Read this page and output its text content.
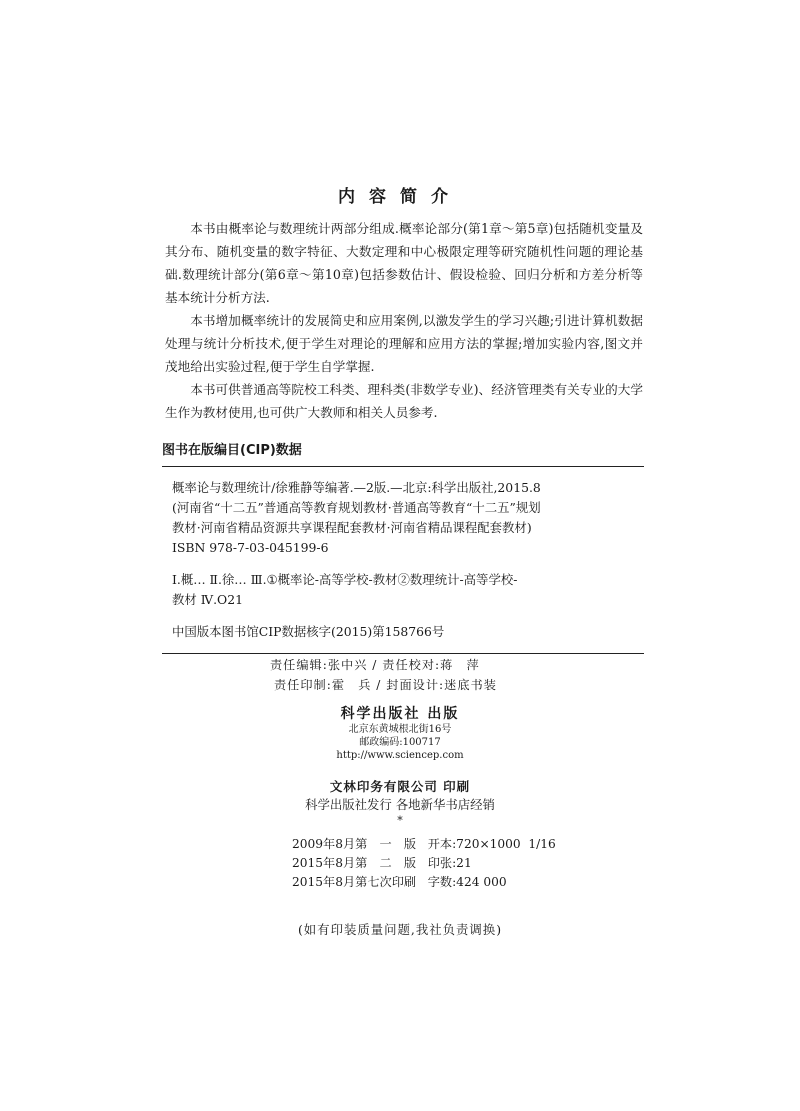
内容简介

本书由概率论与数理统计两部分组成.概率论部分(第1章～第5章)包括随机变量及其分布、随机变量的数字特征、大数定理和中心极限定理等研究随机性问题的理论基础.数理统计部分(第6章～第10章)包括参数估计、假设检验、回归分析和方差分析等基本统计分析方法.

本书增加概率统计的发展简史和应用案例,以激发学生的学习兴趣;引进计算机数据处理与统计分析技术,便于学生对理论的理解和应用方法的掌握;增加实验内容,图文并茂地给出实验过程,便于学生自学掌握.

本书可供普通高等院校工科类、理科类(非数学专业)、经济管理类有关专业的大学生作为教材使用,也可供广大教师和相关人员参考.

图书在版编目(CIP)数据

概率论与数理统计/徐雅静等编著.—2版.—北京:科学出版社,2015.8

(河南省“十二五”普通高等教育规划教材·普通高等教育“十二五”规划

教材·河南省精品资源共享课程配套教材·河南省精品课程配套教材)

ISBN 978-7-03-045199-6

Ⅰ.概… Ⅱ.徐… Ⅲ.①概率论-高等学校-教材②数理统计-高等学校-

教材 Ⅳ.O21

中国版本图书馆CIP数据核字(2015)第158766号

责任编辑:张中兴 / 责任校对:蒋　萍

责任印制:霍　兵 / 封面设计:迷底书装

科学出版社 出版
北京东黄城根北街16号
邮政编码:100717
http://www.sciencep.com
文林印务有限公司 印刷
科学出版社发行 各地新华书店经销
*
2009年8月第　一　版   开本:720×1000  1/16
2015年8月第　二　版   印张:21
2015年8月第七次印刷   字数:424 000
(如有印装质量问题,我社负责调换)
